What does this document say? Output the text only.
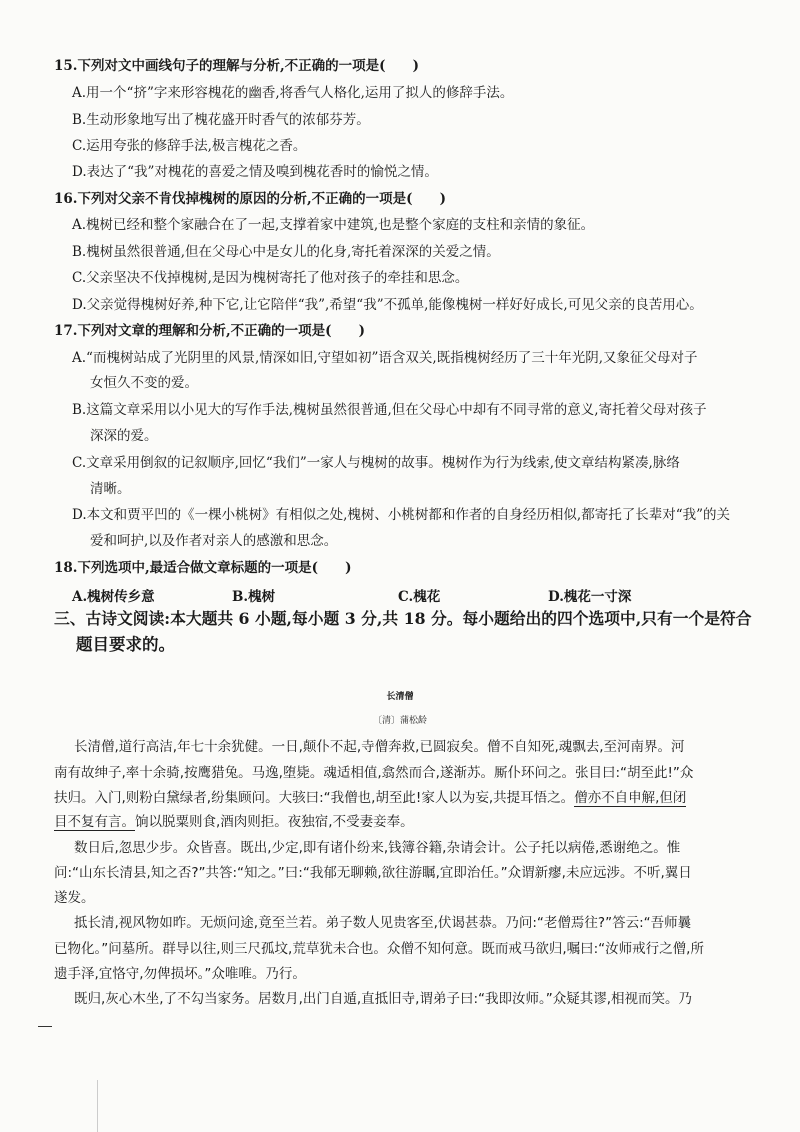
15.下列对文中画线句子的理解与分析,不正确的一项是(　　)
A.用一个“挤”字来形容槐花的幽香,将香气人格化,运用了拟人的修辞手法。
B.生动形象地写出了槐花盛开时香气的浓郁芬芳。
C.运用夸张的修辞手法,极言槐花之香。
D.表达了“我”对槐花的喜爱之情及嗅到槐花香时的愉悦之情。
16.下列对父亲不肯伐掉槐树的原因的分析,不正确的一项是(　　)
A.槐树已经和整个家融合在了一起,支撑着家中建筑,也是整个家庭的支柱和亲情的象征。
B.槐树虽然很普通,但在父母心中是女儿的化身,寄托着深深的关爱之情。
C.父亲坚决不伐掉槐树,是因为槐树寄托了他对孩子的牵挂和思念。
D.父亲觉得槐树好养,种下它,让它陪伴“我”,希望“我”不孤单,能像槐树一样好好成长,可见父亲的良苦用心。
17.下列对文章的理解和分析,不正确的一项是(　　)
A.“而槐树站成了光阴里的风景,情深如旧,守望如初”语含双关,既指槐树经历了三十年光阴,又象征父母对子
女恒久不变的爱。
B.这篇文章采用以小见大的写作手法,槐树虽然很普通,但在父母心中却有不同寻常的意义,寄托着父母对孩子
深深的爱。
C.文章采用倒叙的记叙顺序,回忆“我们”一家人与槐树的故事。槐树作为行为线索,使文章结构紧凑,脉络
清晰。
D.本文和贾平凹的《一棵小桃树》有相似之处,槐树、小桃树都和作者的自身经历相似,都寄托了长辈对“我”的关
爱和呵护,以及作者对亲人的感激和思念。
18.下列选项中,最适合做文章标题的一项是(　　)
A.槐树传乡意	B.槐树	C.槐花	D.槐花一寸深
三、古诗文阅读:本大题共 6 小题,每小题 3 分,共 18 分。每小题给出的四个选项中,只有一个是符合
题目要求的。
长清僧
〔清〕蒲松龄
长清僧,道行高洁,年七十余犹健。一日,颠仆不起,寺僧奔救,已圆寂矣。僧不自知死,魂飘去,至河南界。河
南有故绅子,率十余骑,按鹰猎兔。马逸,堕毙。魂适相值,翕然而合,遂渐苏。厮仆环问之。张目曰:“胡至此!”众
扶归。入门,则粉白黛绿者,纷集顾问。大骇曰:“我僧也,胡至此!家人以为妄,共提耳悟之。僧亦不自申解,但闭
目不复有言。饷以脱粟则食,酒肉则拒。夜独宿,不受妻妾奉。
数日后,忽思少步。众皆喜。既出,少定,即有诸仆纷来,钱簿谷籍,杂请会计。公子托以病倦,悉谢绝之。惟
问:“山东长清县,知之否?”共答:“知之。”曰:“我郁无聊赖,欲往游瞩,宜即治任。”众谓新瘳,未应远涉。不听,翼日
遂发。
抵长清,视风物如昨。无烦问途,竟至兰若。弟子数人见贵客至,伏谒甚恭。乃问:“老僧焉往?”答云:“吾师曩
已物化。”问墓所。群导以往,则三尺孤坟,荒草犹未合也。众僧不知何意。既而戒马欲归,嘱曰:“汝师戒行之僧,所
遗手泽,宜恪守,勿俾损坏。”众唯唯。乃行。
既归,灰心木坐,了不勾当家务。居数月,出门自遁,直抵旧寺,谓弟子曰:“我即汝师。”众疑其谬,相视而笑。乃
